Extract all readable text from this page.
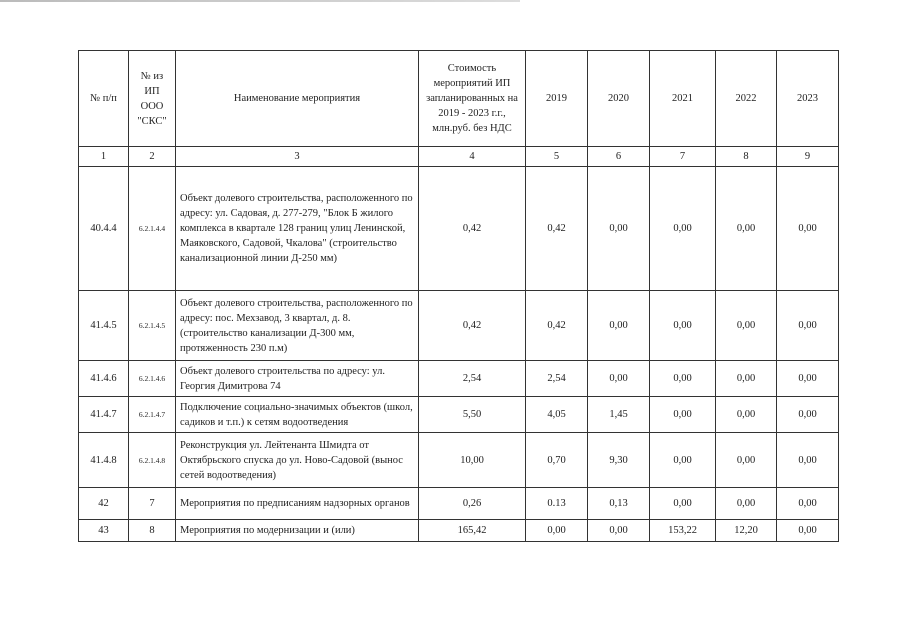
№ п/п	№ из ИП ООО "СКС"	Наименование мероприятия	Стоимость мероприятий ИП запланированных на 2019 - 2023 г.г., млн.руб. без НДС	2019	2020	2021	2022	2023
1	2	3	4	5	6	7	8	9
40.4.4	6.2.1.4.4	Объект долевого строительства, расположенного по адресу: ул. Садовая, д. 277-279, "Блок Б жилого комплекса в квартале 128 границ улиц Ленинской, Маяковского, Садовой, Чкалова" (строительство канализационной линии Д-250 мм)	0,42	0,42	0,00	0,00	0,00	0,00
41.4.5	6.2.1.4.5	Объект долевого строительства, расположенного по адресу: пос. Мехзавод, 3 квартал, д. 8. (строительство канализации Д-300 мм, протяженность 230 п.м)	0,42	0,42	0,00	0,00	0,00	0,00
41.4.6	6.2.1.4.6	Объект долевого строительства по адресу: ул. Георгия Димитрова 74	2,54	2,54	0,00	0,00	0,00	0,00
41.4.7	6.2.1.4.7	Подключение социально-значимых объектов (школ, садиков и т.п.) к сетям водоотведения	5,50	4,05	1,45	0,00	0,00	0,00
41.4.8	6.2.1.4.8	Реконструкция ул. Лейтенанта Шмидта от Октябрьского спуска до ул. Ново-Садовой (вынос сетей водоотведения)	10,00	0,70	9,30	0,00	0,00	0,00
42	7	Мероприятия по предписаниям надзорных органов	0,26	0.13	0,13	0,00	0,00	0,00
43	8	Мероприятия по модернизации и (или)	165,42	0,00	0,00	153,22	12,20	0,00
